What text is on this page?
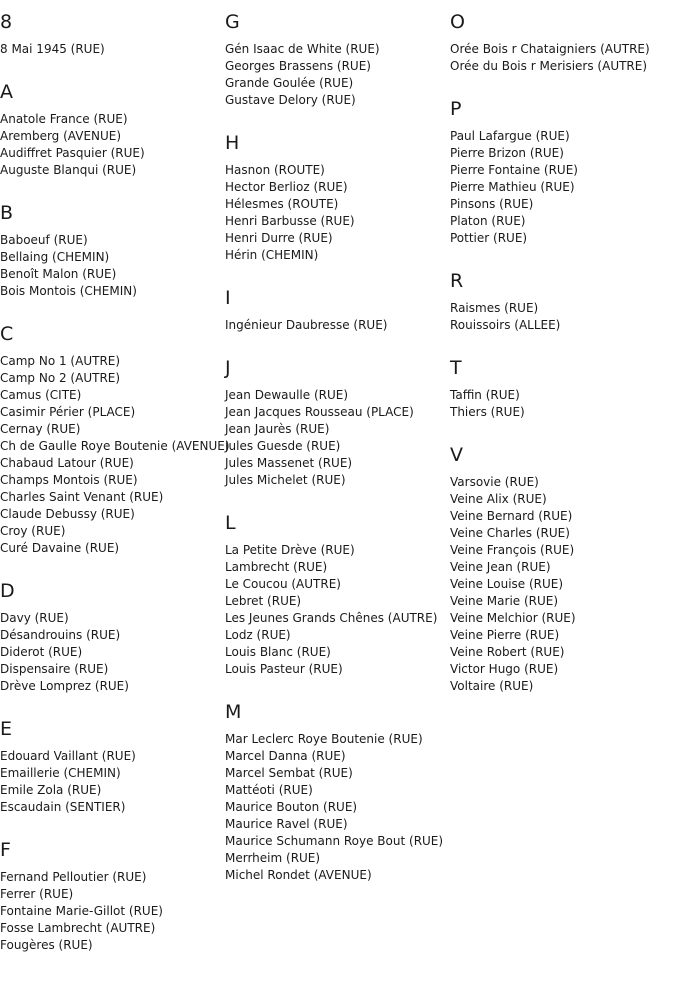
8
8 Mai 1945 (RUE)
A
Anatole France (RUE)
Aremberg (AVENUE)
Audiffret Pasquier (RUE)
Auguste Blanqui (RUE)
B
Baboeuf (RUE)
Bellaing (CHEMIN)
Benoît Malon (RUE)
Bois Montois (CHEMIN)
C
Camp No 1 (AUTRE)
Camp No 2 (AUTRE)
Camus (CITE)
Casimir Périer (PLACE)
Cernay (RUE)
Ch de Gaulle Roye Boutenie (AVENUE)
Chabaud Latour (RUE)
Champs Montois (RUE)
Charles Saint Venant (RUE)
Claude Debussy (RUE)
Croy (RUE)
Curé Davaine (RUE)
D
Davy (RUE)
Désandrouins (RUE)
Diderot (RUE)
Dispensaire (RUE)
Drève Lomprez (RUE)
E
Edouard Vaillant (RUE)
Emaillerie (CHEMIN)
Emile Zola (RUE)
Escaudain (SENTIER)
F
Fernand Pelloutier (RUE)
Ferrer (RUE)
Fontaine Marie-Gillot (RUE)
Fosse Lambrecht (AUTRE)
Fougères (RUE)
G
Gén Isaac de White (RUE)
Georges Brassens (RUE)
Grande Goulée (RUE)
Gustave Delory (RUE)
H
Hasnon (ROUTE)
Hector Berlioz (RUE)
Hélesmes (ROUTE)
Henri Barbusse (RUE)
Henri Durre (RUE)
Hérin (CHEMIN)
I
Ingénieur Daubresse (RUE)
J
Jean Dewaulle (RUE)
Jean Jacques Rousseau (PLACE)
Jean Jaurès (RUE)
Jules Guesde (RUE)
Jules Massenet (RUE)
Jules Michelet (RUE)
L
La Petite Drève (RUE)
Lambrecht (RUE)
Le Coucou (AUTRE)
Lebret (RUE)
Les Jeunes Grands Chênes (AUTRE)
Lodz (RUE)
Louis Blanc (RUE)
Louis Pasteur (RUE)
M
Mar Leclerc Roye Boutenie (RUE)
Marcel Danna (RUE)
Marcel Sembat (RUE)
Mattéoti (RUE)
Maurice Bouton (RUE)
Maurice Ravel (RUE)
Maurice Schumann Roye Bout (RUE)
Merrheim (RUE)
Michel Rondet (AVENUE)
O
Orée Bois r Chataigniers (AUTRE)
Orée du Bois r Merisiers (AUTRE)
P
Paul Lafargue (RUE)
Pierre Brizon (RUE)
Pierre Fontaine (RUE)
Pierre Mathieu (RUE)
Pinsons (RUE)
Platon (RUE)
Pottier (RUE)
R
Raismes (RUE)
Rouissoirs (ALLEE)
T
Taffin (RUE)
Thiers (RUE)
V
Varsovie (RUE)
Veine Alix (RUE)
Veine Bernard (RUE)
Veine Charles (RUE)
Veine François (RUE)
Veine Jean (RUE)
Veine Louise (RUE)
Veine Marie (RUE)
Veine Melchior (RUE)
Veine Pierre (RUE)
Veine Robert (RUE)
Victor Hugo (RUE)
Voltaire (RUE)
